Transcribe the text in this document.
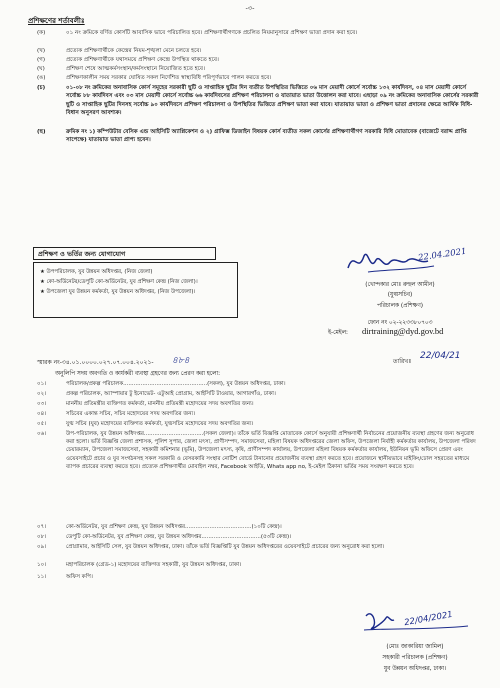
-৩-
প্রশিক্ষণের শর্তাবলীঃ
(ক)	০১ নং ক্রমিকে বর্ণিত কোর্সটি আবাসিক ভাবে পরিচালিত হবে। প্রশিক্ষণার্থীগণকে প্রচলিত নিয়মানুসারে প্রশিক্ষণ ভাতা প্রদান করা হবে।
(খ)	প্রত্যেক প্রশিক্ষণার্থীকে কেন্দ্রের নিয়ম-শৃঙ্খলা মেনে চলতে হবে।
(গ)	প্রত্যেক প্রশিক্ষণার্থীকে যথাসময়ে প্রশিক্ষণ কেন্দ্রে উপস্থিত থাকতে হবে।
(ঘ)	প্রশিক্ষণ শেষে আত্মকর্মসংস্থান/কর্মসংস্থানে নিয়োজিত হতে হবে।
(ঙ)	প্রশিক্ষণকালীন সময় সরকার ঘোষিত সকল নির্দেশিত স্বাস্থ্যবিধি পরিপূর্ণভাবে পালন করতে হবে।
(চ)	০১-০৮ নং ক্রমিকের অনাবাসিক কোর্স সমূহের সরকারী ছুটি ও সাপ্তাহিক ছুটির দিন ব্যতীত উপস্থিতির ভিত্তিতে ০৬ মাস মেয়াদী কোর্সে সর্বোচ্চ ১৩২ কার্যদিবস, ০৪ মাস মেয়াদী কোর্সে সর্বোচ্চ ৮৮ কার্যদিবস এবং ০৩ মাস মেয়াদী কোর্সে সর্বোচ্চ ৬৬ কার্যদিবসের প্রশিক্ষণ পরিচালনা ও যাতায়াত ভাতা উত্তোলন করা যাবে। এছাড়া ০৯ নং ক্রমিকের অনাবাসিক কোর্সের সরকারী ছুটি ও সাপ্তাহিক ছুটির দিনসহ সর্বোচ্চ ৯০ কার্যদিবসে প্রশিক্ষণ পরিচালনা ও উপস্থিতির ভিত্তিতে প্রশিক্ষণ ভাতা করা যাবে। যাতায়াত ভাতা ও প্রশিক্ষণ ভাতা প্রদানের ক্ষেত্রে আর্থিক বিধি-বিধান অনুসরণ আবশ্যক।
(ছ)	ক্রমিক নং ১) কম্পিউটার বেসিক এন্ড আইসিটি অ্যাপ্লিকেশন ও ২) গ্রাফিক্স ডিজাইন বিষয়ক কোর্স ব্যতীত সকল কোর্সের প্রশিক্ষণার্থীগণ সরকারি বিধি মোতাবেক (বাজেটে বরাদ্দ প্রাপ্তি সাপেক্ষে) যাতায়াত ভাতা প্রাপ্য হবেন।
প্রশিক্ষণ ও ভর্তির জন্য যোগাযোগ
★ উপপরিচালক, যুব উন্নয়ন অধিদপ্তর, (নিজ জেলা)
★ কো-অর্ডিনেটর/ডেপুটি কো-অর্ডিনেটর, যুব প্রশিক্ষণ কেন্দ্র (নিজ জেলা)।
★ উপজেলা যুব উন্নয়ন কর্মকর্তা, যুব উন্নয়ন অধিদপ্তর, (নিজ উপজেলা)।
22.04.2021
(খোন্দকার মোঃ রুহুল আমীন)
(যুগ্মসচিব)
পরিচালক (প্রশিক্ষণ)
ফোন নং ০২-২২৩৩৮০৭০৩
ই-মেইল: dirtraining@dyd.gov.bd
স্মারক নং-৩৪.০১.০০০০.০২৭.০৭.০০৪.২০২১- ৪৮৪	তারিখঃ
22/04/21
অনুলিপি সদয় অবগতি ও কার্যকরী ব্যবস্থা গ্রহণের জন্য প্রেরণ করা হলো:
০১।	পরিচালক/প্রকল্প পরিচালক................................................(সকল), যুব উন্নয়ন অধিদপ্তর, ঢাকা।
০২।	প্রকল্প পরিচালক, অ্যাস্পায়ার টু ইনোভেট- এটুআই প্রোগ্রাম, আইসিটি টাওয়ার, আগারগাঁও, ঢাকা।
০৩।	মাননীয় প্রতিমন্ত্রীর ব্যক্তিগত কর্মকর্তা, মাননীয় প্রতিমন্ত্রী মহোদয়ের সদয় অবগতির জন্য।
০৪।	সচিবের একান্ত সচিব, সচিব মহোদয়ের সদয় অবগতির জন্য।
০৫।	যুগ্ম সচিব (যুব) মহোদয়ের ব্যক্তিগত কর্মকর্তা, যুগ্মসচিব মহোদয়ের সদয় অবগতির জন্য।
০৬।	উপ-পরিচালক, যুব উন্নয়ন অধিদপ্তর..................................(সকল জেলা)। তাঁকে ভর্তি বিজ্ঞপ্তি মোতাবেক কোর্সে অনুযায়ী প্রশিক্ষণার্থী নির্বাচনের প্রয়োজনীয় ব্যবস্থা গ্রহণের জন্য অনুরোধ করা হলো। ভর্তি বিজ্ঞপ্তি জেলা প্রশাসক, পুলিশ সুপার, জেলা মৎস্য, প্রাণীসম্পদ, সমাজসেবা, মহিলা বিষয়ক অধিদপ্তরের জেলা অফিস, উপজেলা নির্বাহী কর্মকর্তার কার্যালয়, উপজেলা পরিষদ চেয়ারম্যান, উপজেলা সমাজসেবা, সহকারী কমিশনার (ভূমি), উপজেলা মৎস্য, কৃষি, প্রাণীসম্পদ কার্যালয়, উপজেলা মহিলা বিষয়ক কর্মকর্তার কার্যালয়, ইউনিয়ন ভূমি অফিসে প্রেরণ এবং ওয়েবসাইটে প্রচার ও যুব সংগঠনসহ সকল সরকারি ও বেসরকারি সংস্থার নোটিশ বোর্ডে টানানোর প্রয়োজনীয় ব্যবস্থা গ্রহণ করতে হবে। প্রয়োজনে স্থানীয়ভাবে মাইকিং/ঢোল সহরতের মাধ্যমে ব্যাপক প্রচারের ব্যবস্থা করতে হবে। প্রত্যেক প্রশিক্ষণার্থীর মোবাইল নম্বর, Facebook আইডি, Whats app no, ই-মেইল ঠিকানা ভর্তির সময় সংরক্ষণ করতে হবে।
০৭।	কো-অর্ডিনেটর, যুব প্রশিক্ষণ কেন্দ্র, যুব উন্নয়ন অধিদপ্তর......................................(১০টি কেন্দ্র)।
০৮।	ডেপুটি কো-অর্ডিনেটর, যুব প্রশিক্ষণ কেন্দ্র, যুব উন্নয়ন অধিদপ্তর..................................(৫৩টি কেন্দ্র)।
০৯।	প্রোগ্রামার, আইসিটি সেল, যুব উন্নয়ন অধিদপ্তর, ঢাকা। তাঁকে ভর্তি বিজ্ঞপ্তিটি যুব উন্নয়ন অধিদপ্তরের ওয়েবসাইটে প্রচারের জন্য অনুরোধ করা হলো।
১০।	মহাপরিচালক (গ্রেড-১) মহোদয়ের ব্যক্তিগত সহকারী, যুব উন্নয়ন অধিদপ্তর, ঢাকা।
১১।	অফিস কপি।
22/04/2021
(মোঃ জাকারিয়া জামিল)
সহকারী পরিচালক (প্রশিক্ষণ)
যুব উন্নয়ন অধিদপ্তর, ঢাকা।
